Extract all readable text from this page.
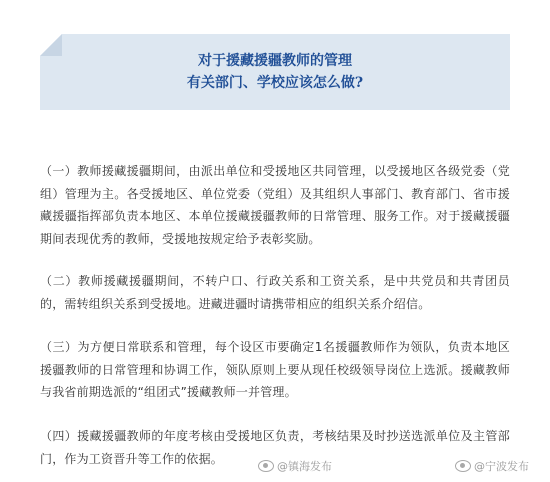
对于援藏援疆教师的管理
有关部门、学校应该怎么做?
（一）教师援藏援疆期间，由派出单位和受援地区共同管理，以受援地区各级党委（党组）管理为主。各受援地区、单位党委（党组）及其组织人事部门、教育部门、省市援藏援疆指挥部负责本地区、本单位援藏援疆教师的日常管理、服务工作。对于援藏援疆期间表现优秀的教师，受援地按规定给予表彰奖励。
（二）教师援藏援疆期间，不转户口、行政关系和工资关系，是中共党员和共青团员的，需转组织关系到受援地。进藏进疆时请携带相应的组织关系介绍信。
（三）为方便日常联系和管理，每个设区市要确定1名援疆教师作为领队，负责本地区援疆教师的日常管理和协调工作，领队原则上要从现任校级领导岗位上选派。援藏教师与我省前期选派的“组团式”援藏教师一并管理。
（四）援藏援疆教师的年度考核由受援地区负责，考核结果及时抄送选派单位及主管部门，作为工资晋升等工作的依据。
@镇海发布	@宁波发布
